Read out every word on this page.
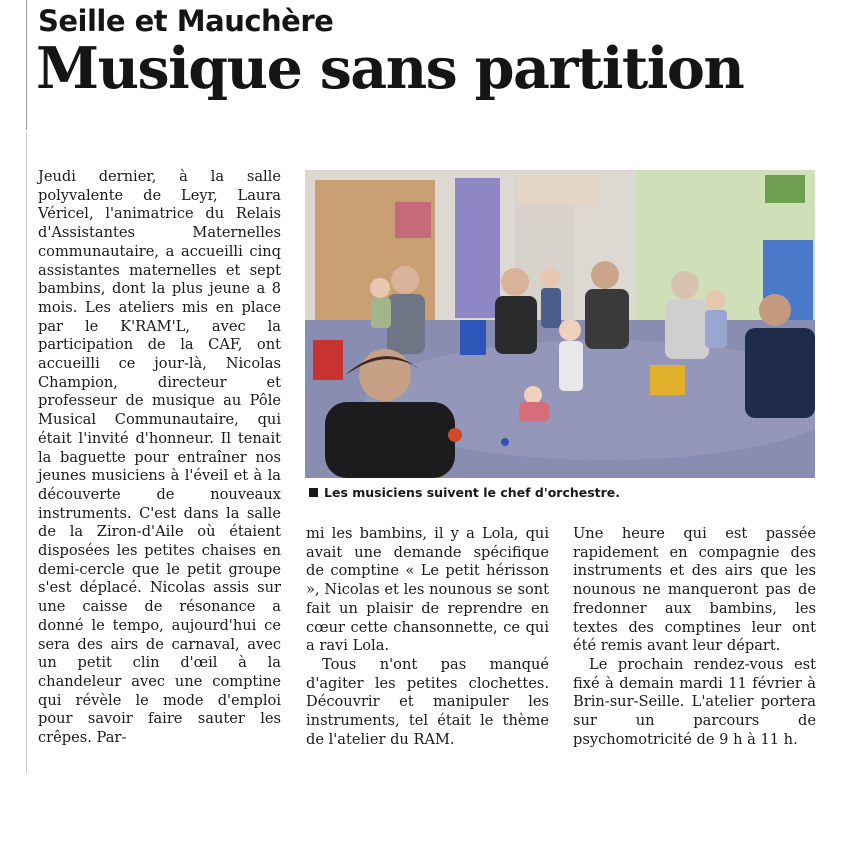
Seille et Mauchère
Musique sans partition

Jeudi dernier, à la salle polyvalente de Leyr, Laura Véricel, l'animatrice du Relais d'Assistantes Maternelles communautaire, a accueilli cinq assistantes maternelles et sept bambins, dont la plus jeune a 8 mois. Les ateliers mis en place par le K'RAM'L, avec la participation de la CAF, ont accueilli ce jour-là, Nicolas Champion, directeur et professeur de musique au Pôle Musical Communautaire, qui était l'invité d'honneur. Il tenait la baguette pour entraîner nos jeunes musiciens à l'éveil et à la découverte de nouveaux instruments. C'est dans la salle de la Ziron-d'Aile où étaient disposées les petites chaises en demi-cercle que le petit groupe s'est déplacé. Nicolas assis sur une caisse de résonance a donné le tempo, aujourd'hui ce sera des airs de carnaval, avec un petit clin d'œil à la chandeleur avec une comptine qui révèle le mode d'emploi pour savoir faire sauter les crêpes. Par-

Les musiciens suivent le chef d'orchestre.

mi les bambins, il y a Lola, qui avait une demande spécifique de comptine « Le petit hérisson », Nicolas et les nounous se sont fait un plaisir de reprendre en cœur cette chansonnette, ce qui a ravi Lola.

Tous n'ont pas manqué d'agiter les petites clochettes. Découvrir et manipuler les instruments, tel était le thème de l'atelier du RAM.

Une heure qui est passée rapidement en compagnie des instruments et des airs que les nounous ne manqueront pas de fredonner aux bambins, les textes des comptines leur ont été remis avant leur départ.

Le prochain rendez-vous est fixé à demain mardi 11 février à Brin-sur-Seille. L'atelier portera sur un parcours de psychomotricité de 9 h à 11 h.
